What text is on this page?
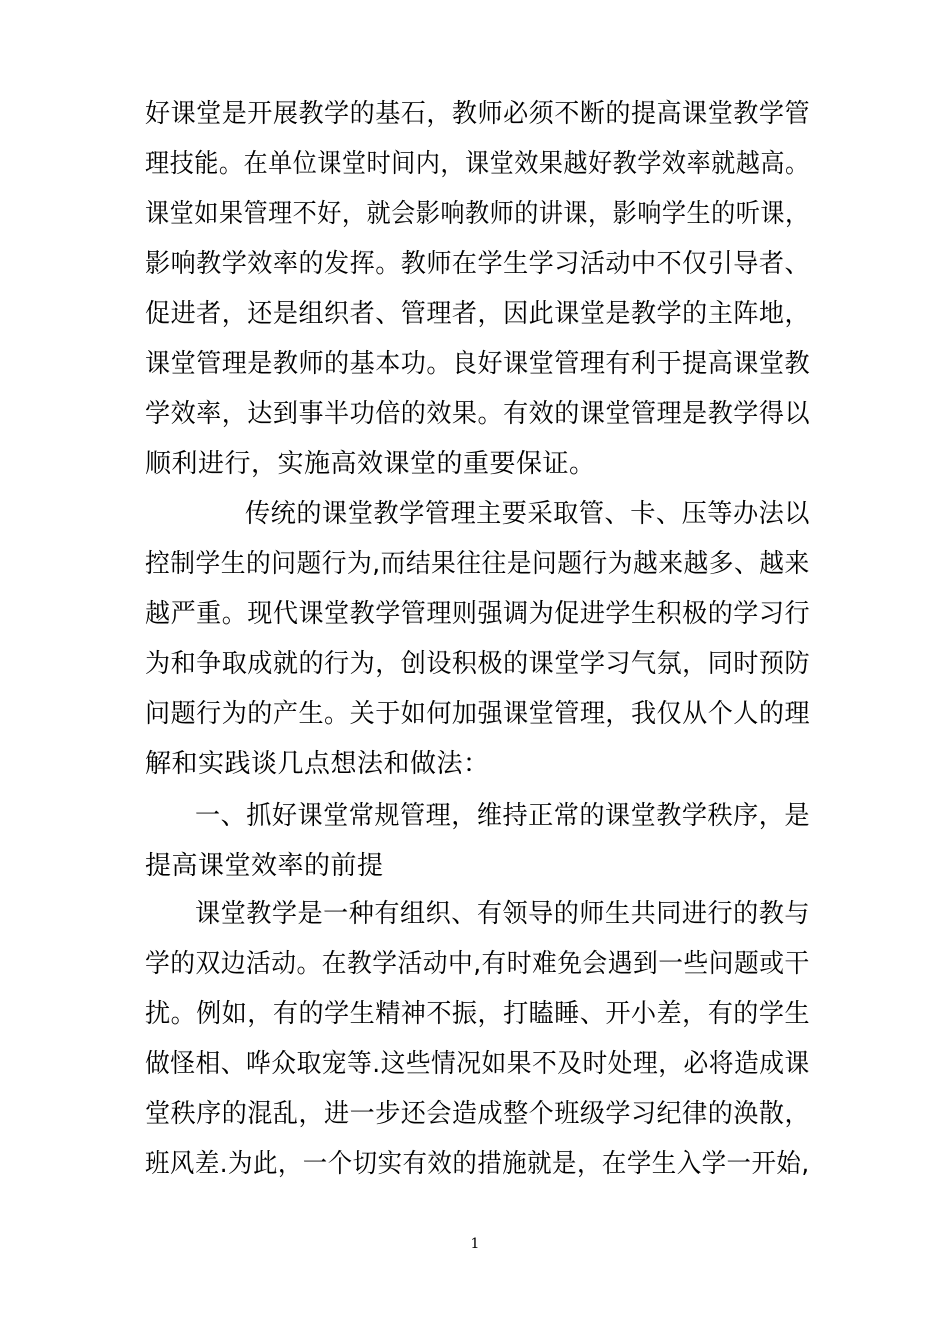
好课堂是开展教学的基石，教师必须不断的提高课堂教学管
理技能。在单位课堂时间内，课堂效果越好教学效率就越高。
课堂如果管理不好，就会影响教师的讲课，影响学生的听课，
影响教学效率的发挥。教师在学生学习活动中不仅引导者、
促进者，还是组织者、管理者，因此课堂是教学的主阵地，
课堂管理是教师的基本功。良好课堂管理有利于提高课堂教
学效率，达到事半功倍的效果。有效的课堂管理是教学得以
顺利进行，实施高效课堂的重要保证。
传统的课堂教学管理主要采取管、卡、压等办法以
控制学生的问题行为,而结果往往是问题行为越来越多、越来
越严重。现代课堂教学管理则强调为促进学生积极的学习行
为和争取成就的行为，创设积极的课堂学习气氛，同时预防
问题行为的产生。关于如何加强课堂管理，我仅从个人的理
解和实践谈几点想法和做法：
一、抓好课堂常规管理，维持正常的课堂教学秩序，是
提高课堂效率的前提
课堂教学是一种有组织、有领导的师生共同进行的教与
学的双边活动。在教学活动中,有时难免会遇到一些问题或干
扰。例如，有的学生精神不振，打瞌睡、开小差，有的学生
做怪相、哗众取宠等.这些情况如果不及时处理，必将造成课
堂秩序的混乱，进一步还会造成整个班级学习纪律的涣散，
班风差.为此，一个切实有效的措施就是，在学生入学一开始,
1
